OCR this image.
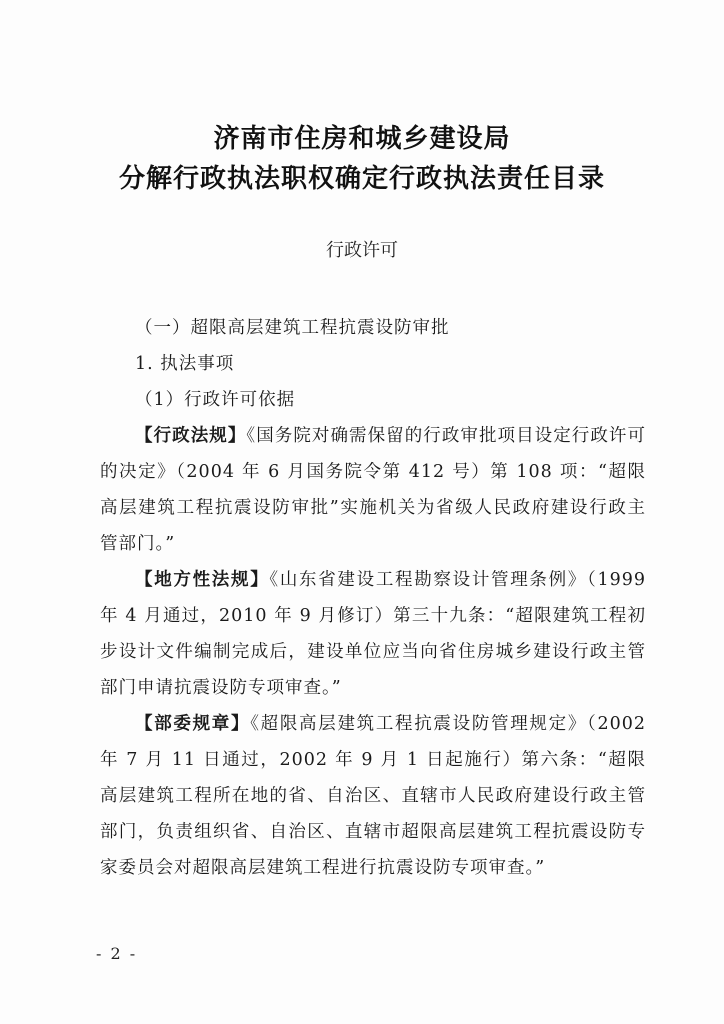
济南市住房和城乡建设局
分解行政执法职权确定行政执法责任目录
行政许可

（一）超限高层建筑工程抗震设防审批

1. 执法事项

（1）行政许可依据

【行政法规】《国务院对确需保留的行政审批项目设定行政许可的决定》（2004 年 6 月国务院令第 412 号）第 108 项：“超限高层建筑工程抗震设防审批”实施机关为省级人民政府建设行政主管部门。”

【地方性法规】《山东省建设工程勘察设计管理条例》（1999 年 4 月通过，2010 年 9 月修订）第三十九条：“超限建筑工程初步设计文件编制完成后，建设单位应当向省住房城乡建设行政主管部门申请抗震设防专项审查。”

【部委规章】《超限高层建筑工程抗震设防管理规定》（2002 年 7 月 11 日通过，2002 年 9 月 1 日起施行）第六条：“超限高层建筑工程所在地的省、自治区、直辖市人民政府建设行政主管部门，负责组织省、自治区、直辖市超限高层建筑工程抗震设防专家委员会对超限高层建筑工程进行抗震设防专项审查。”

- 2 -
